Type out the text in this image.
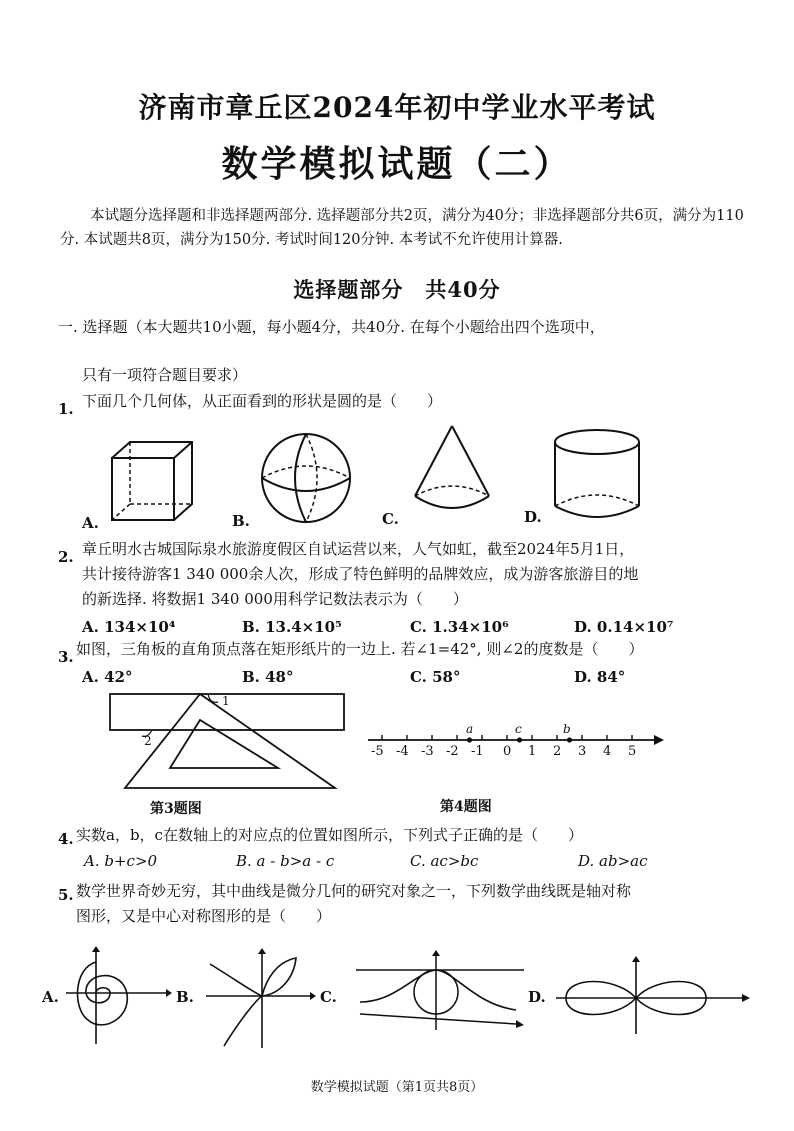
济南市章丘区2024年初中学业水平考试
数学模拟试题（二）
本试题分选择题和非选择题两部分. 选择题部分共2页，满分为40分；非选择题部分共6页，满分为110分. 本试题共8页，满分为150分. 考试时间120分钟. 本考试不允许使用计算器.
选择题部分　共40分
一. 选择题（本大题共10小题，每小题4分，共40分. 在每个小题给出四个选项中，
只有一项符合题目要求）
1. 下面几个几何体，从正面看到的形状是圆的是（　　）
A.	B.	C.	D.
2. 章丘明水古城国际泉水旅游度假区自试运营以来，人气如虹，截至2024年5月1日，
共计接待游客1 340 000余人次，形成了特色鲜明的品牌效应，成为游客旅游目的地
的新选择. 将数据1 340 000用科学记数法表示为（　　）
A. 134×10⁴	B. 13.4×10⁵	C. 1.34×10⁶	D. 0.14×10⁷
3. 如图，三角板的直角顶点落在矩形纸片的一边上. 若∠1=42°, 则∠2的度数是（　　）
A. 42°	B. 48°	C. 58°	D. 84°
1
2
第3题图
-5 -4 -3 -2 -1 0 1 2 3 4 5
a	c	b
第4题图
4. 实数a，b，c在数轴上的对应点的位置如图所示，下列式子正确的是（　　）
A. b+c>0	B. a - b>a - c	C. ac>bc	D. ab>ac
5. 数学世界奇妙无穷，其中曲线是微分几何的研究对象之一，下列数学曲线既是轴对称
图形，又是中心对称图形的是（　　）
A.	B.	C.	D.
数学模拟试题（第1页共8页）
